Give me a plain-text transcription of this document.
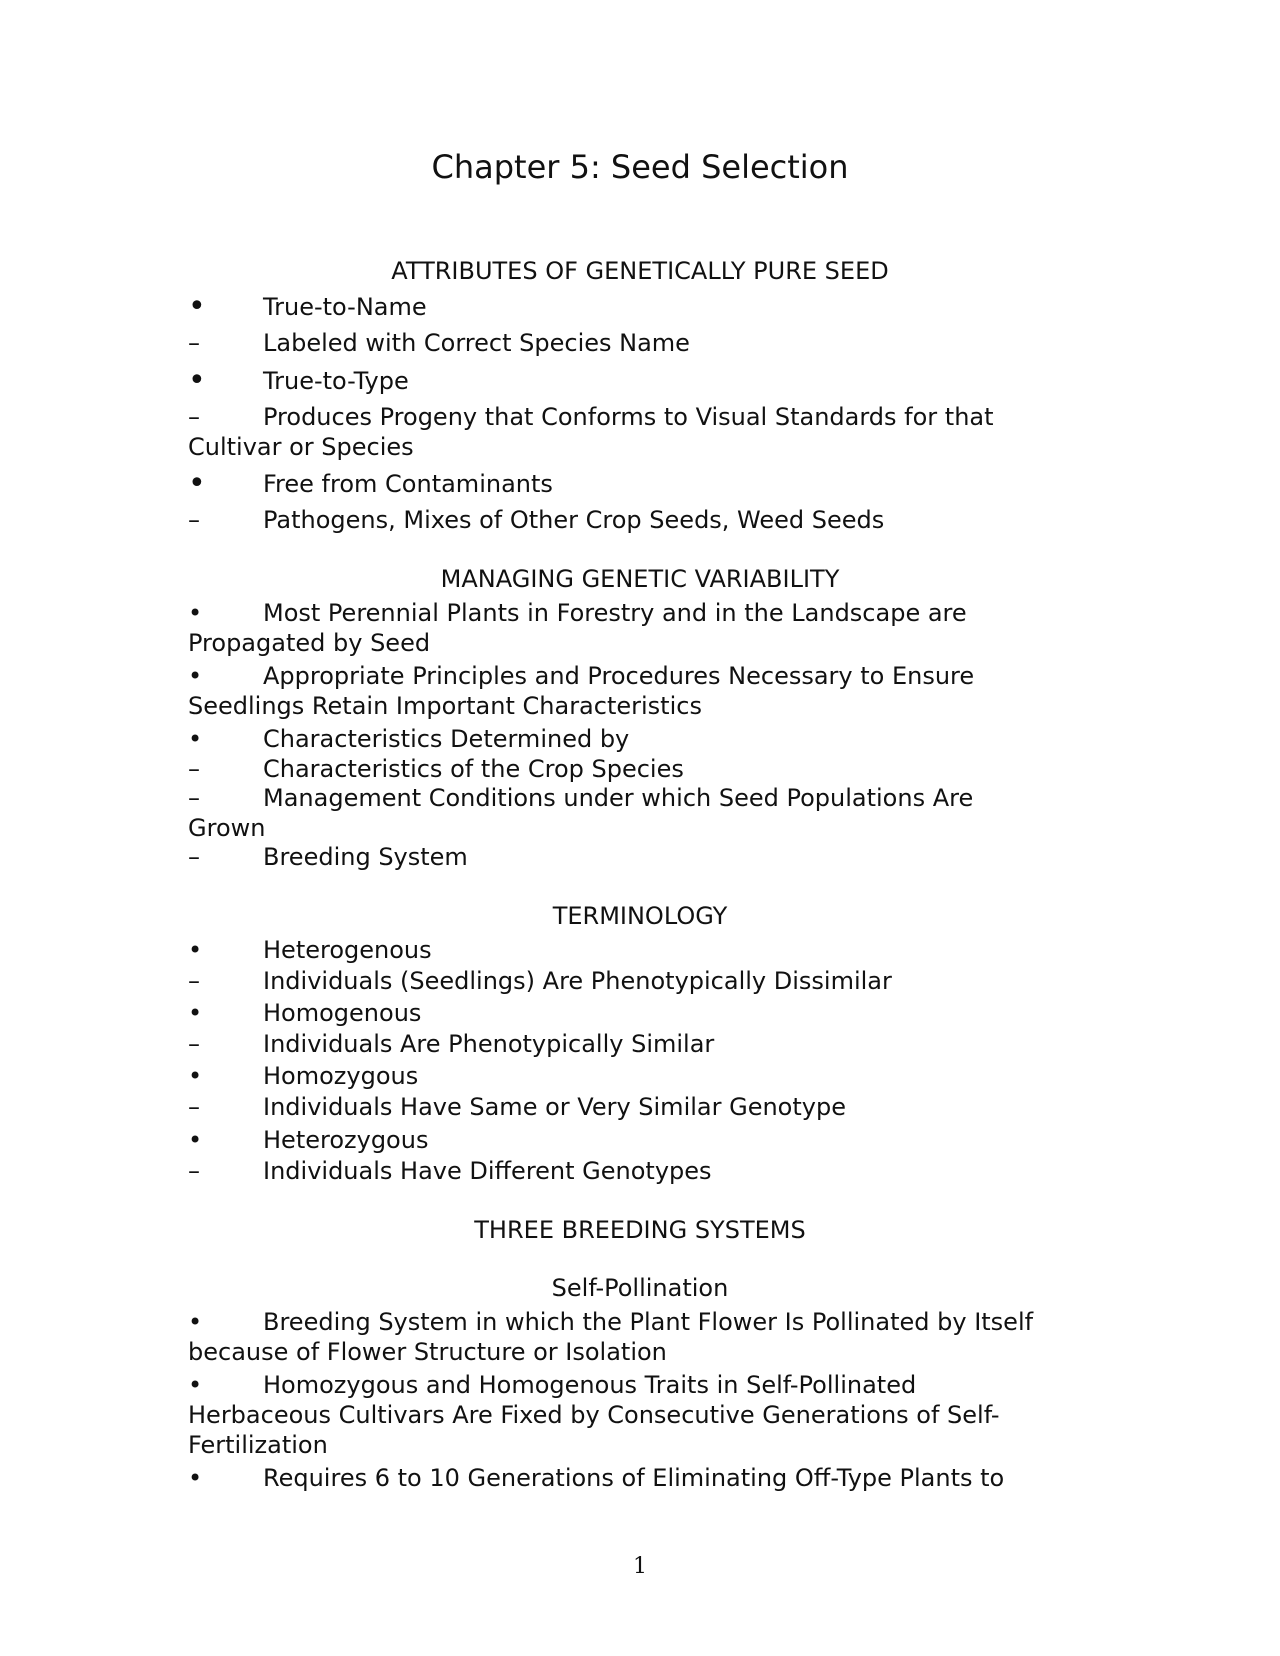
Chapter 5: Seed Selection
ATTRIBUTES OF GENETICALLY PURE SEED
• True-to-Name
–	Labeled with Correct Species Name
• True-to-Type
–	Produces Progeny that Conforms to Visual Standards for that
Cultivar or Species
• Free from Contaminants
–	Pathogens, Mixes of Other Crop Seeds, Weed Seeds
MANAGING GENETIC VARIABILITY
•	Most Perennial Plants in Forestry and in the Landscape are
Propagated by Seed
•	Appropriate Principles and Procedures Necessary to Ensure
Seedlings Retain Important Characteristics
•	Characteristics Determined by
–	Characteristics of the Crop Species
–	Management Conditions under which Seed Populations Are
Grown
–	Breeding System
TERMINOLOGY
•	Heterogenous
–	Individuals (Seedlings) Are Phenotypically Dissimilar
•	Homogenous
–	Individuals Are Phenotypically Similar
•	Homozygous
–	Individuals Have Same or Very Similar Genotype
•	Heterozygous
–	Individuals Have Different Genotypes
THREE BREEDING SYSTEMS
Self-Pollination
•	Breeding System in which the Plant Flower Is Pollinated by Itself
because of Flower Structure or Isolation
•	Homozygous and Homogenous Traits in Self-Pollinated
Herbaceous Cultivars Are Fixed by Consecutive Generations of Self-
Fertilization
•	Requires 6 to 10 Generations of Eliminating Off-Type Plants to
1
